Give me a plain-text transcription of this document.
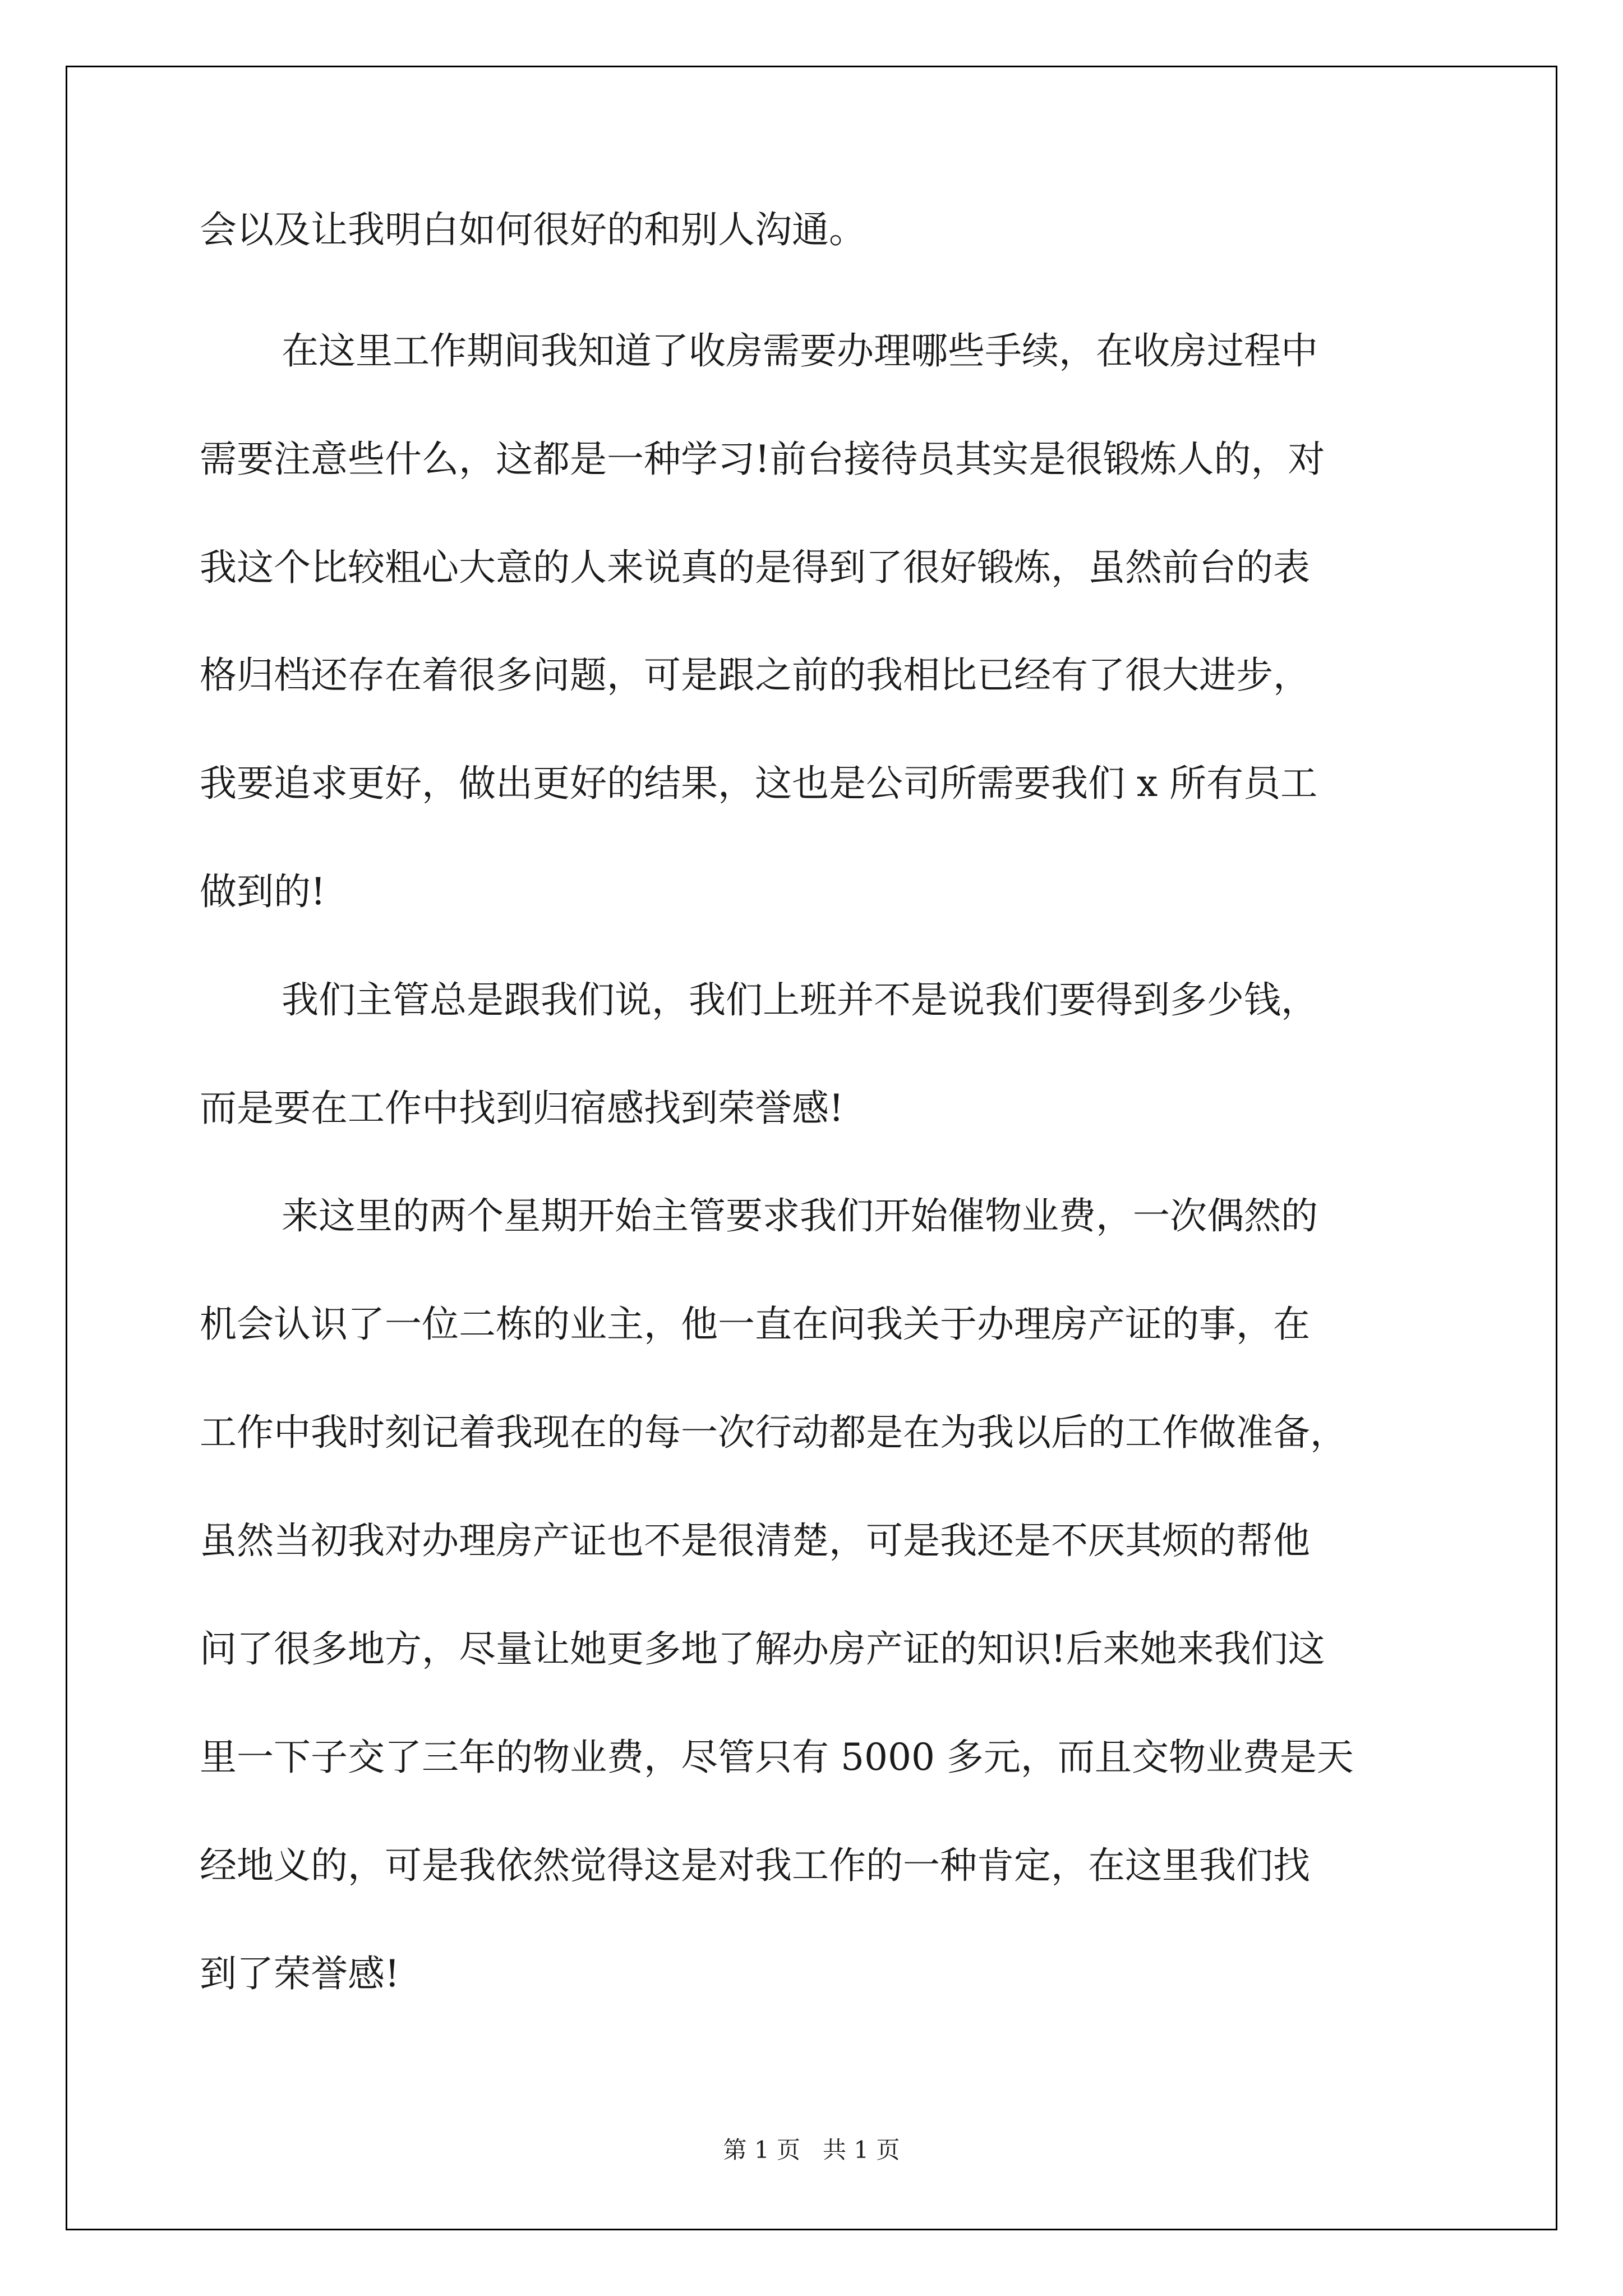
会以及让我明白如何很好的和别人沟通。
在这里工作期间我知道了收房需要办理哪些手续，在收房过程中
需要注意些什么，这都是一种学习!前台接待员其实是很锻炼人的，对
我这个比较粗心大意的人来说真的是得到了很好锻炼，虽然前台的表
格归档还存在着很多问题，可是跟之前的我相比已经有了很大进步，
我要追求更好，做出更好的结果，这也是公司所需要我们 x 所有员工
做到的!
我们主管总是跟我们说，我们上班并不是说我们要得到多少钱，
而是要在工作中找到归宿感找到荣誉感!
来这里的两个星期开始主管要求我们开始催物业费，一次偶然的
机会认识了一位二栋的业主，他一直在问我关于办理房产证的事，在
工作中我时刻记着我现在的每一次行动都是在为我以后的工作做准备，
虽然当初我对办理房产证也不是很清楚，可是我还是不厌其烦的帮他
问了很多地方，尽量让她更多地了解办房产证的知识!后来她来我们这
里一下子交了三年的物业费，尽管只有 5000 多元，而且交物业费是天
经地义的，可是我依然觉得这是对我工作的一种肯定，在这里我们找
到了荣誉感!
第 1 页   共 1 页
